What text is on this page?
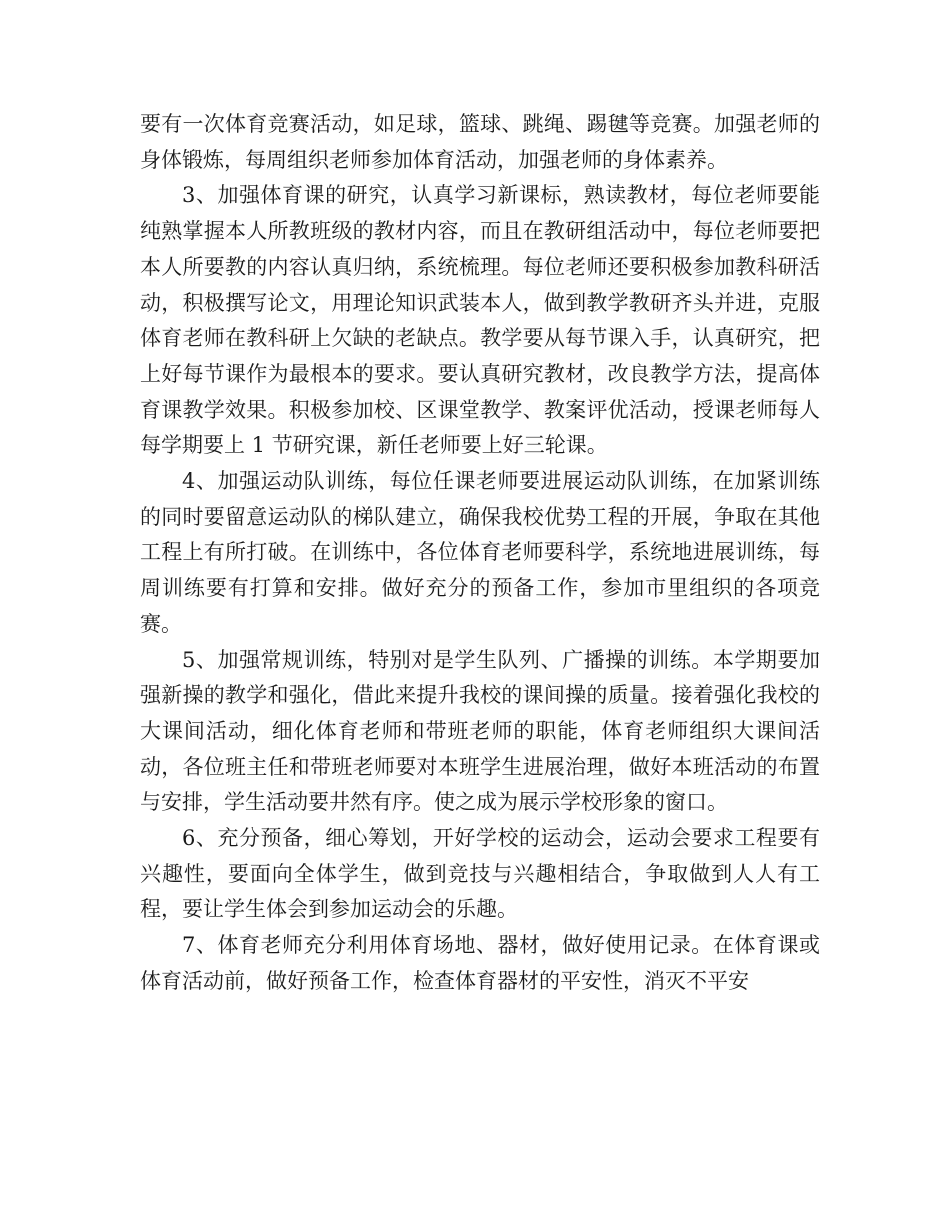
要有一次体育竞赛活动，如足球，篮球、跳绳、踢毽等竞赛。加强老师的身体锻炼，每周组织老师参加体育活动，加强老师的身体素养。

3、加强体育课的研究，认真学习新课标，熟读教材，每位老师要能纯熟掌握本人所教班级的教材内容，而且在教研组活动中，每位老师要把本人所要教的内容认真归纳，系统梳理。每位老师还要积极参加教科研活动，积极撰写论文，用理论知识武装本人，做到教学教研齐头并进，克服体育老师在教科研上欠缺的老缺点。教学要从每节课入手，认真研究，把上好每节课作为最根本的要求。要认真研究教材，改良教学方法，提高体育课教学效果。积极参加校、区课堂教学、教案评优活动，授课老师每人每学期要上 1 节研究课，新任老师要上好三轮课。

4、加强运动队训练，每位任课老师要进展运动队训练，在加紧训练的同时要留意运动队的梯队建立，确保我校优势工程的开展，争取在其他工程上有所打破。在训练中，各位体育老师要科学，系统地进展训练，每周训练要有打算和安排。做好充分的预备工作，参加市里组织的各项竞赛。

5、加强常规训练，特别对是学生队列、广播操的训练。本学期要加强新操的教学和强化，借此来提升我校的课间操的质量。接着强化我校的大课间活动，细化体育老师和带班老师的职能，体育老师组织大课间活动，各位班主任和带班老师要对本班学生进展治理，做好本班活动的布置与安排，学生活动要井然有序。使之成为展示学校形象的窗口。

6、充分预备，细心筹划，开好学校的运动会，运动会要求工程要有兴趣性，要面向全体学生，做到竞技与兴趣相结合，争取做到人人有工程，要让学生体会到参加运动会的乐趣。

7、体育老师充分利用体育场地、器材，做好使用记录。在体育课或体育活动前，做好预备工作，检查体育器材的平安性，消灭不平安
